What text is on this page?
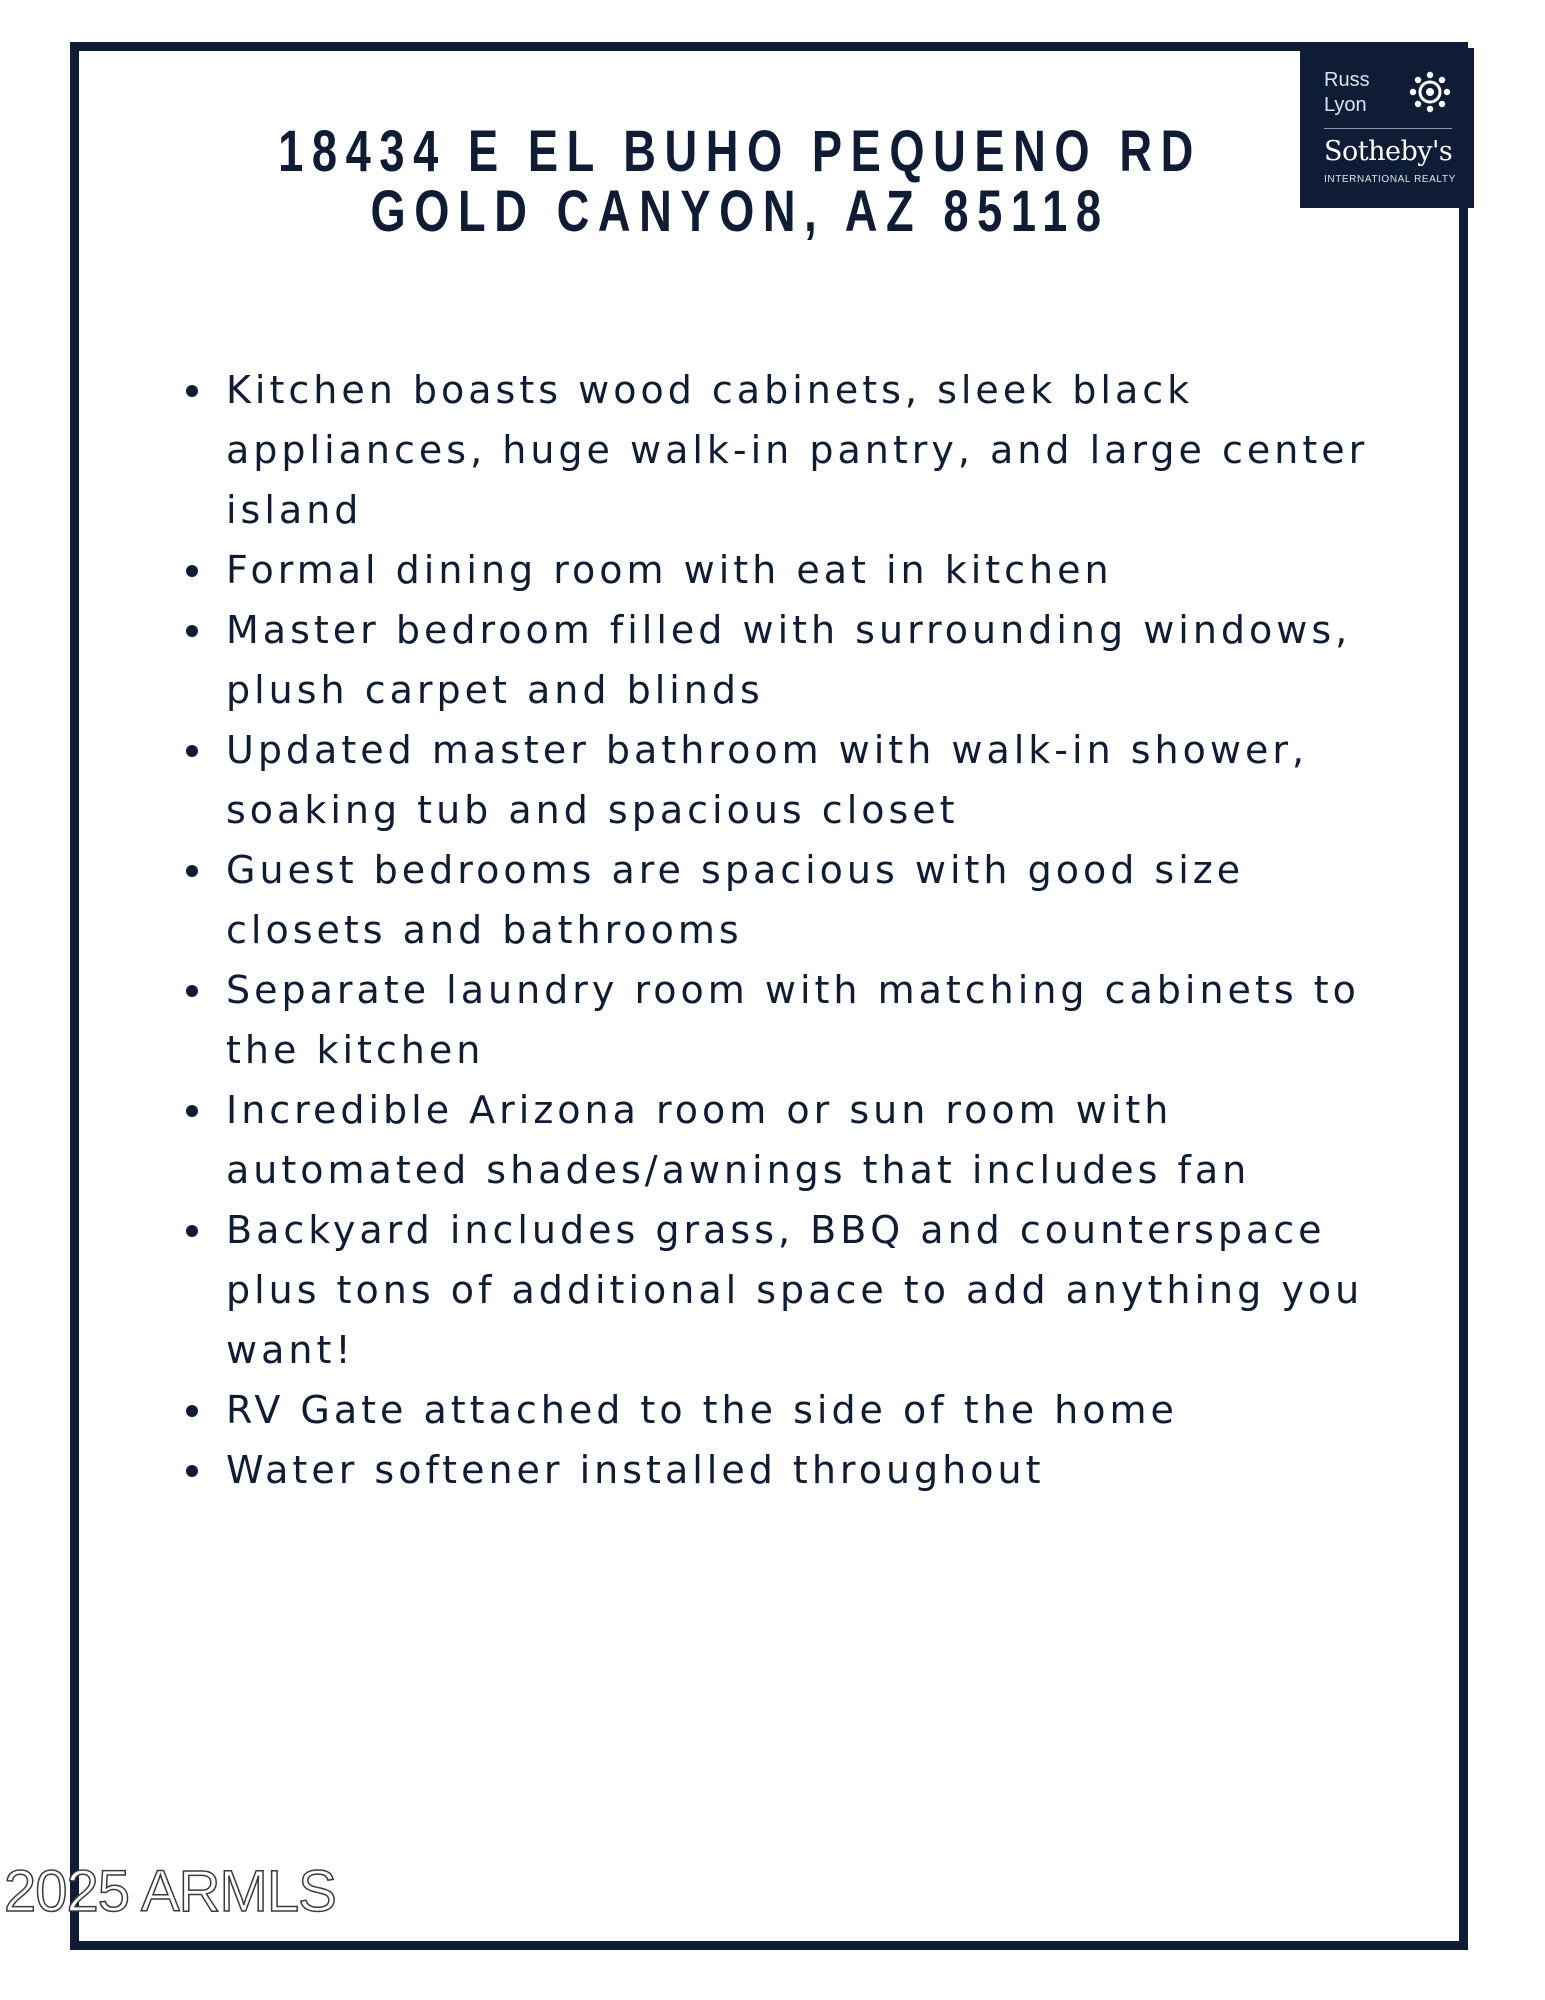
Russ
Lyon
Sotheby's
INTERNATIONAL REALTY
18434 E EL BUHO PEQUENO RD
GOLD CANYON, AZ 85118
Kitchen boasts wood cabinets, sleek black appliances, huge walk-in pantry, and large center island
Formal dining room with eat in kitchen
Master bedroom filled with surrounding windows, plush carpet and blinds
Updated master bathroom with walk-in shower, soaking tub and spacious closet
Guest bedrooms are spacious with good size closets and bathrooms
Separate laundry room with matching cabinets to the kitchen
Incredible Arizona room or sun room with automated shades/awnings that includes fan
Backyard includes grass, BBQ and counterspace plus tons of additional space to add anything you want!
RV Gate attached to the side of the home
Water softener installed throughout
2025 ARMLS
